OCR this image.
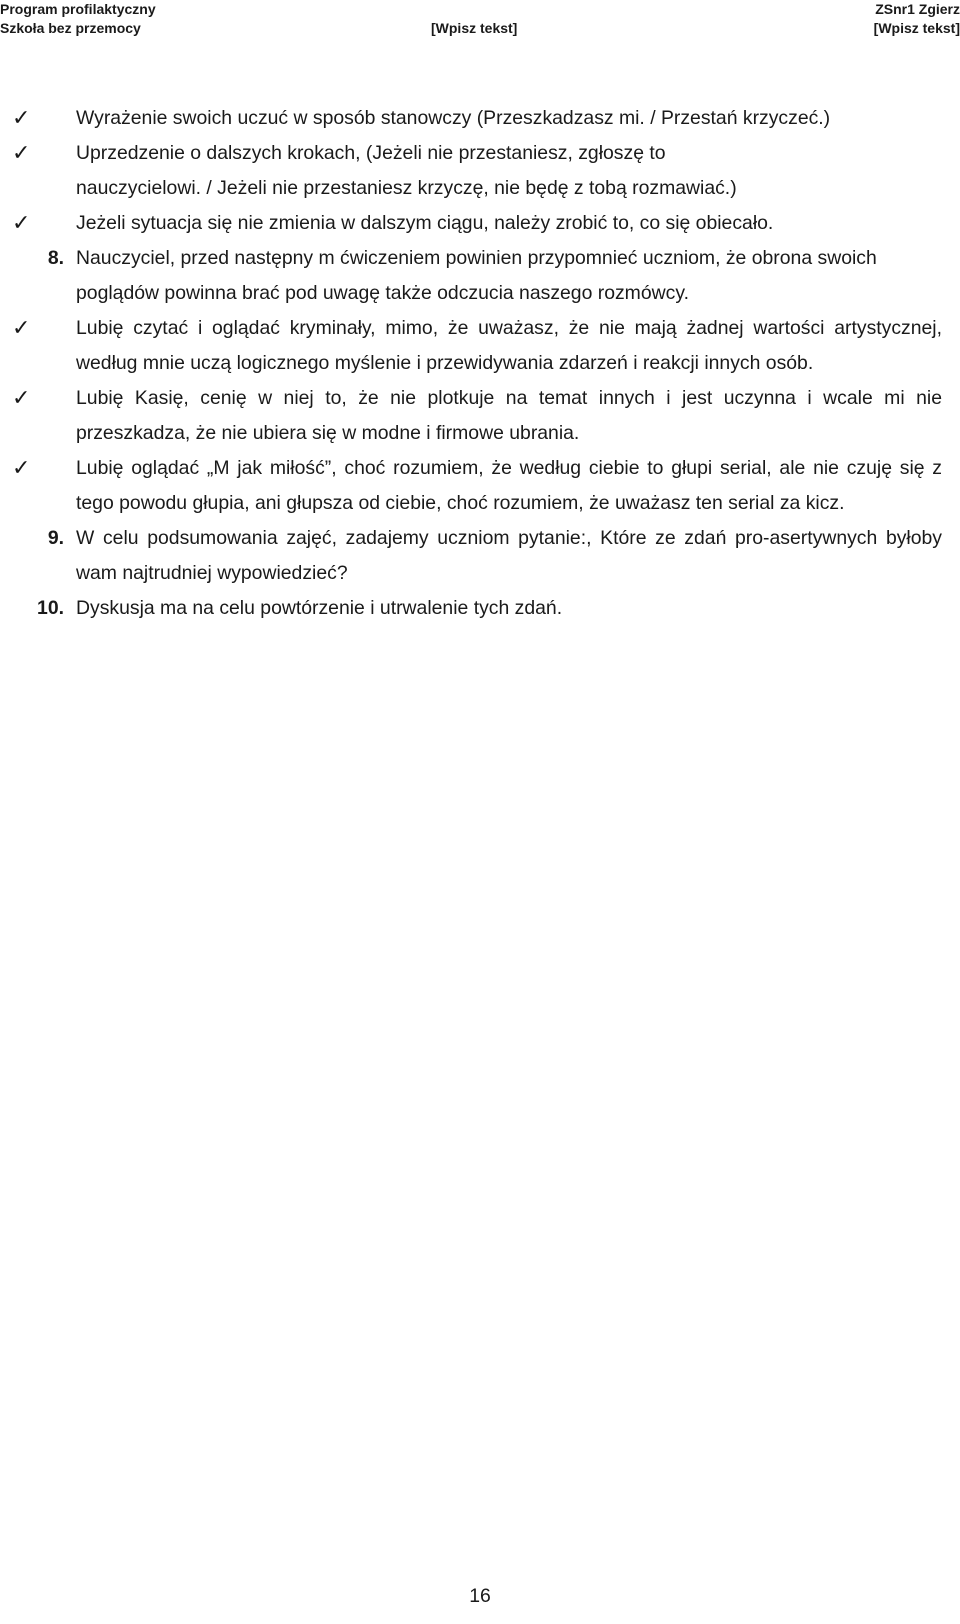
Program profilaktyczny
Szkoła bez przemocy	[Wpisz tekst]
ZSnr1 Zgierz
[Wpisz tekst]
✓ Wyrażenie swoich uczuć w sposób stanowczy (Przeszkadzasz mi. / Przestań krzyczeć.)
✓ Uprzedzenie o dalszych krokach, (Jeżeli nie przestaniesz, zgłoszę to nauczycielowi. / Jeżeli nie przestaniesz krzyczę, nie będę z tobą rozmawiać.)
✓ Jeżeli sytuacja się nie zmienia w dalszym ciągu, należy zrobić to, co się obiecało.
8. Nauczyciel, przed następny m ćwiczeniem powinien przypomnieć uczniom, że obrona swoich poglądów powinna brać pod uwagę także odczucia naszego rozmówcy.
✓ Lubię czytać i oglądać kryminały, mimo, że uważasz, że nie mają żadnej wartości artystycznej, według mnie uczą logicznego myślenie i przewidywania zdarzeń i reakcji innych osób.
✓ Lubię Kasię, cenię w niej to, że nie plotkuje na temat innych i jest uczynna i wcale mi nie przeszkadza, że nie ubiera się w modne i firmowe ubrania.
✓ Lubię oglądać „M jak miłość”, choć rozumiem, że według ciebie to głupi serial, ale nie czuję się z tego powodu głupia, ani głupsza od ciebie, choć rozumiem, że uważasz ten serial za kicz.
9. W celu podsumowania zajęć, zadajemy uczniom pytanie:, Które ze zdań pro-asertywnych byłoby wam najtrudniej wypowiedzieć?
10. Dyskusja ma na celu powtórzenie i utrwalenie tych zdań.
16
